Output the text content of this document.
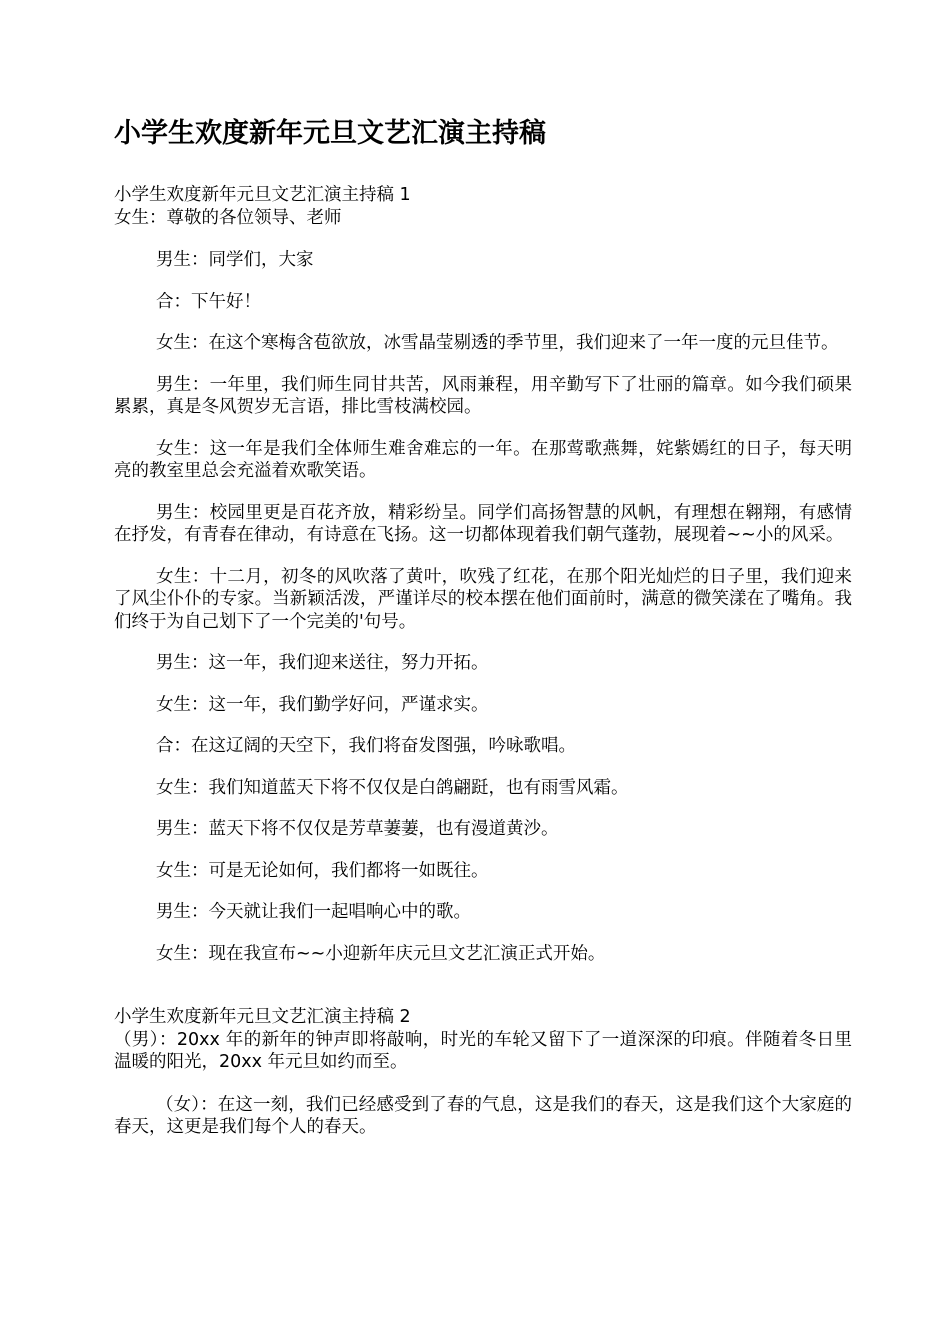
小学生欢度新年元旦文艺汇演主持稿

小学生欢度新年元旦文艺汇演主持稿 1

女生：尊敬的各位领导、老师

男生：同学们，大家

合：下午好！

女生：在这个寒梅含苞欲放，冰雪晶莹剔透的季节里，我们迎来了一年一度的元旦佳节。

男生：一年里，我们师生同甘共苦，风雨兼程，用辛勤写下了壮丽的篇章。如今我们硕果累累，真是冬风贺岁无言语，排比雪枝满校园。

女生：这一年是我们全体师生难舍难忘的一年。在那莺歌燕舞，姹紫嫣红的日子，每天明亮的教室里总会充溢着欢歌笑语。

男生：校园里更是百花齐放，精彩纷呈。同学们高扬智慧的风帆，有理想在翱翔，有感情在抒发，有青春在律动，有诗意在飞扬。这一切都体现着我们朝气蓬勃，展现着~~小的风采。

女生：十二月，初冬的风吹落了黄叶，吹残了红花，在那个阳光灿烂的日子里，我们迎来了风尘仆仆的专家。当新颖活泼，严谨详尽的校本摆在他们面前时，满意的微笑漾在了嘴角。我们终于为自己划下了一个完美的'句号。

男生：这一年，我们迎来送往，努力开拓。

女生：这一年，我们勤学好问，严谨求实。

合：在这辽阔的天空下，我们将奋发图强，吟咏歌唱。

女生：我们知道蓝天下将不仅仅是白鸽翩跹，也有雨雪风霜。

男生：蓝天下将不仅仅是芳草萋萋，也有漫道黄沙。

女生：可是无论如何，我们都将一如既往。

男生：今天就让我们一起唱响心中的歌。

女生：现在我宣布~~小迎新年庆元旦文艺汇演正式开始。

小学生欢度新年元旦文艺汇演主持稿 2

（男）：20xx 年的新年的钟声即将敲响，时光的车轮又留下了一道深深的印痕。伴随着冬日里温暖的阳光，20xx 年元旦如约而至。

（女）：在这一刻，我们已经感受到了春的气息，这是我们的春天，这是我们这个大家庭的春天，这更是我们每个人的春天。
